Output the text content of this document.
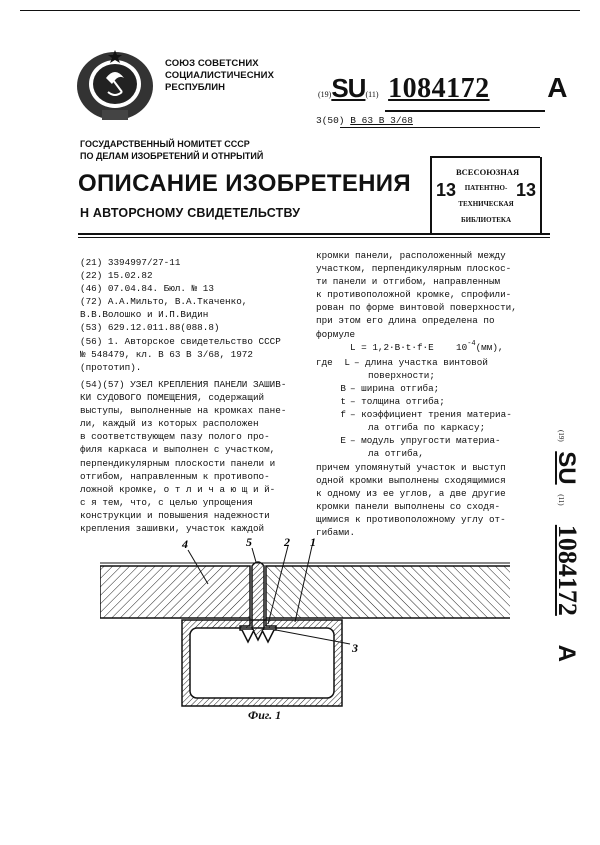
СОЮЗ СОВЕТСНИХ
СОЦИАЛИСТИЧЕСНИХ
РЕСПУБЛИН
(19)SU(11) 1084172 A
3(50) B 63 B 3/68
ГОСУДАРСТВЕННЫЙ НОМИТЕТ СССР
ПО ДЕЛАМ ИЗОБРЕТЕНИЙ И ОТНРЫТИЙ
ОПИСАНИЕ ИЗОБРЕТЕНИЯ
Н АВТОРСНОМУ СВИДЕТЕЛЬСТВУ
13
ВСЕСОЮЗНАЯ
ПАТЕНТНО-
ТЕХНИЧЕСКАЯ
БИБЛИОТЕКА
13
(21) 3394997/27-11
(22) 15.02.82
(46) 07.04.84. Бюл. № 13
(72) А.А.Мильто, В.А.Ткаченко,
В.В.Волошко и И.П.Видин
(53) 629.12.011.88(088.8)
(56) 1. Авторское свидетельство СССР
№ 548479, кл. В 63 В 3/68, 1972
(прототип).
(54)(57) УЗЕЛ КРЕПЛЕНИЯ ПАНЕЛИ ЗАШИВ-
КИ СУДОВОГО ПОМЕЩЕНИЯ, содержащий
выступы, выполненные на кромках пане-
ли, каждый из которых расположен
в соответствующем пазу полого про-
филя каркаса и выполнен с участком,
перпендикулярным плоскости панели и
отгибом, направленным к противопо-
ложной кромке, о т л и ч а ю щ и й-
с я тем, что, с целью упрощения
конструкции и повышения надежности
крепления зашивки, участок каждой
кромки панели, расположенный между
участком, перпендикулярным плоскос-
ти панели и отгибом, направленным
к противоположной кромке, спрофили-
рован по форме винтовой поверхности,
при этом его длина определена по
формуле
L = 1,2·B·t·f·E $10^{-4}(мм)$,
где L – длина участка винтовой
поверхности;
B – ширина отгиба;
t – толщина отгиба;
f – коэффициент трения материа-
ла отгиба по каркасу;
E – модуль упругости материа-
ла отгиба,
причем упомянутый участок и выступ
одной кромки выполнены сходящимися
к одному из ее углов, а две другие
кромки панели выполнены со сходя-
щимися к противоположному углу от-
гибами.
(19) SU (11)  1084172   A
4	5	2 1
3
Фиг. 1
